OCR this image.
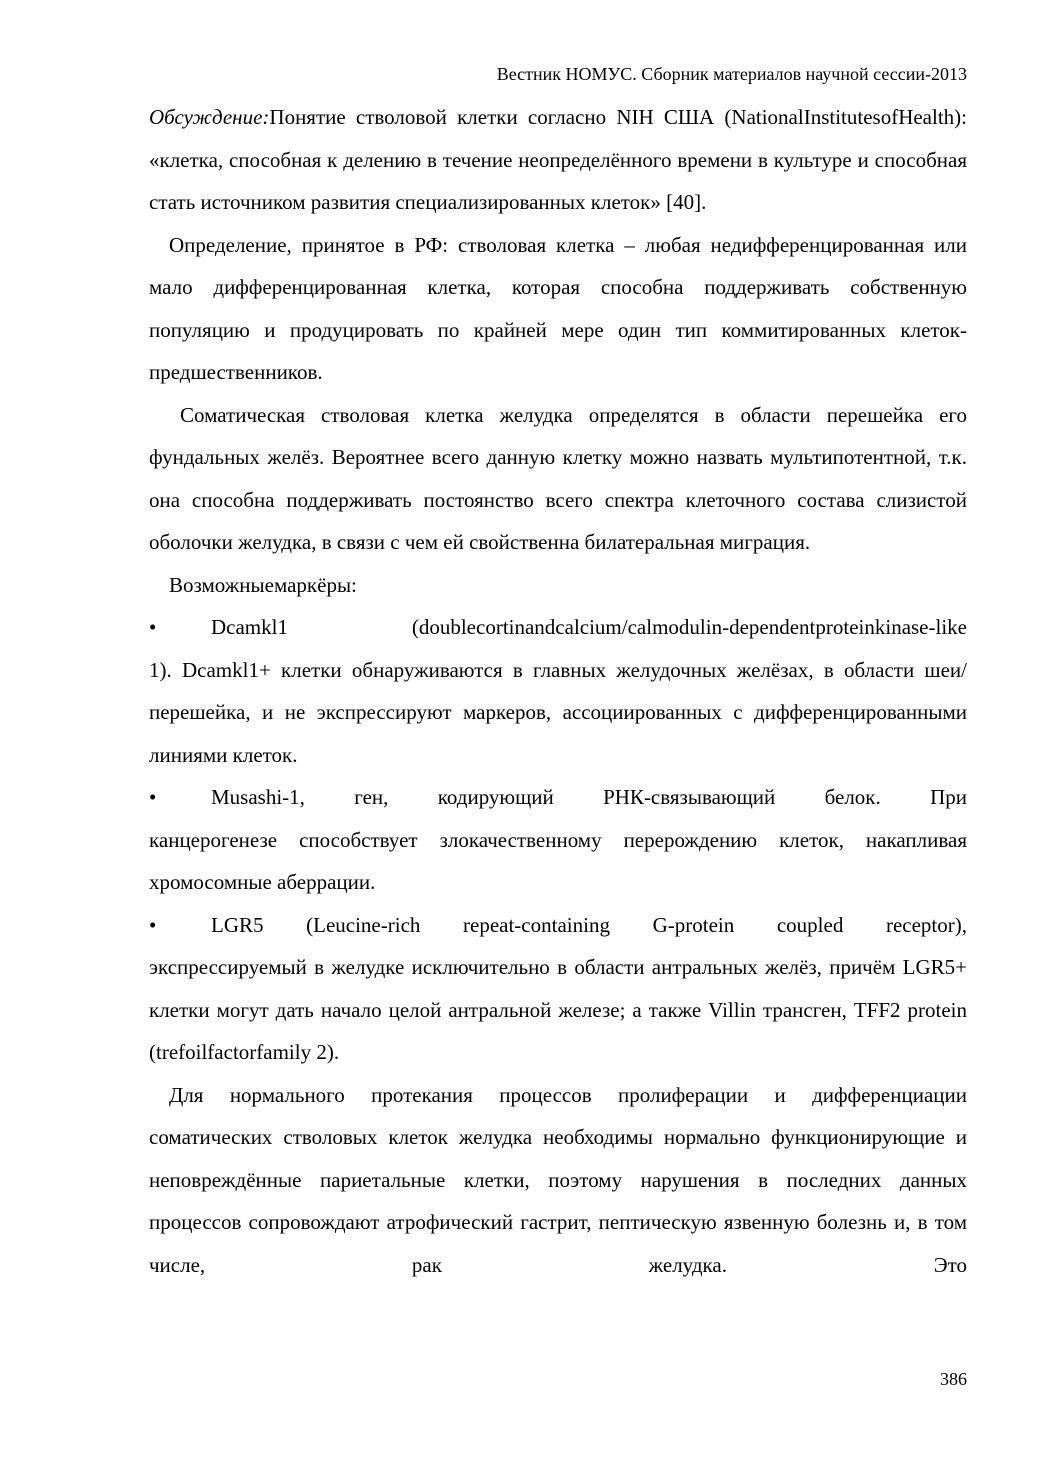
Вестник НОМУС. Сборник материалов научной сессии-2013

Обсуждение:Понятие стволовой клетки согласно NIH США (NationalInstitutesofHealth): «клетка, способная к делению в течение неопределённого времени в культуре и способная стать источником развития специализированных клеток» [40].

Определение, принятое в РФ: стволовая клетка – любая недифференцированная или мало дифференцированная клетка, которая способна поддерживать собственную популяцию и продуцировать по крайней мере один тип коммитированных клеток-предшественников.

Соматическая стволовая клетка желудка определятся в области перешейка его фундальных желёз. Вероятнее всего данную клетку можно назвать мультипотентной, т.к. она способна поддерживать постоянство всего спектра клеточного состава слизистой оболочки желудка, в связи с чем ей свойственна билатеральная миграция.

Возможныемаркёры:

•	Dcamkl1 (doublecortinandcalcium/calmodulin-dependentproteinkinase-like

1). Dcamkl1+ клетки обнаруживаются в главных желудочных желёзах, в области шеи/перешейка, и не экспрессируют маркеров, ассоциированных с дифференцированными линиями клеток.

•	Musashi-1, ген, кодирующий РНК-связывающий белок. При

канцерогенезе способствует злокачественному перерождению клеток, накапливая хромосомные аберрации.

•	LGR5 (Leucine-rich repeat-containing G-protein coupled receptor),

экспрессируемый в желудке исключительно в области антральных желёз, причём LGR5+ клетки могут дать начало целой антральной железе; а также Villin трансген, TFF2 protein (trefoilfactorfamily 2).

Для нормального протекания процессов пролиферации и дифференциации соматических стволовых клеток желудка необходимы нормально функционирующие и неповреждённые париетальные клетки, поэтому нарушения в последних данных процессов сопровождают атрофический гастрит, пептическую язвенную болезнь и, в том числе, рак желудка. Это

386
